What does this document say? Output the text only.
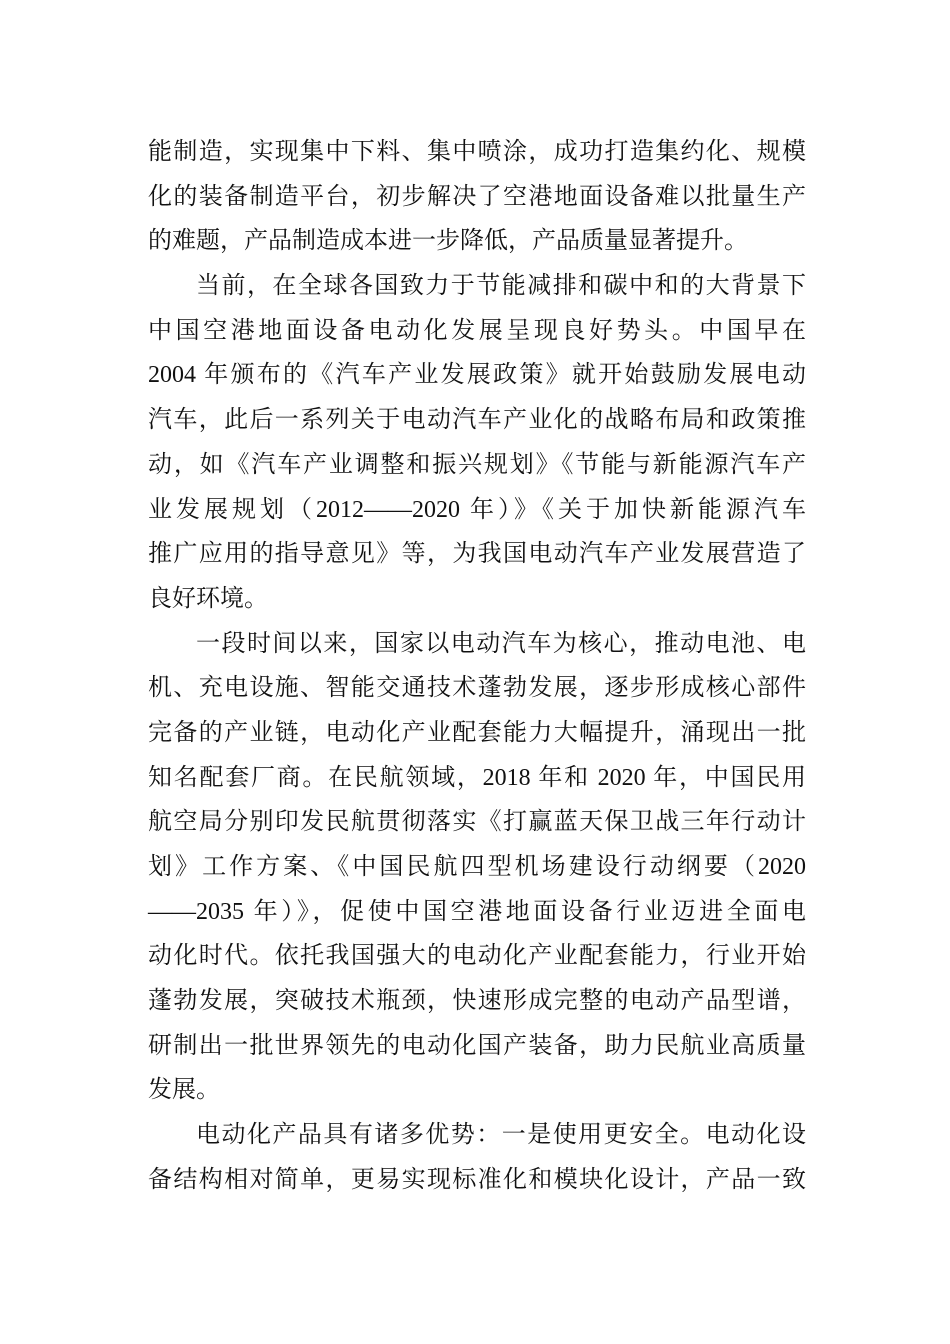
能制造，实现集中下料、集中喷涂，成功打造集约化、规模
化的装备制造平台，初步解决了空港地面设备难以批量生产
的难题，产品制造成本进一步降低，产品质量显著提升。
当前，在全球各国致力于节能减排和碳中和的大背景下
中国空港地面设备电动化发展呈现良好势头。中国早在
2004 年颁布的《汽车产业发展政策》就开始鼓励发展电动
汽车，此后一系列关于电动汽车产业化的战略布局和政策推
动，如《汽车产业调整和振兴规划》《节能与新能源汽车产
业发展规划（2012——2020 年）》《关于加快新能源汽车
推广应用的指导意见》等，为我国电动汽车产业发展营造了
良好环境。
一段时间以来，国家以电动汽车为核心，推动电池、电
机、充电设施、智能交通技术蓬勃发展，逐步形成核心部件
完备的产业链，电动化产业配套能力大幅提升，涌现出一批
知名配套厂商。在民航领域，2018 年和 2020 年，中国民用
航空局分别印发民航贯彻落实《打赢蓝天保卫战三年行动计
划》工作方案、《中国民航四型机场建设行动纲要（2020
——2035 年）》，促使中国空港地面设备行业迈进全面电
动化时代。依托我国强大的电动化产业配套能力，行业开始
蓬勃发展，突破技术瓶颈，快速形成完整的电动产品型谱，
研制出一批世界领先的电动化国产装备，助力民航业高质量
发展。
电动化产品具有诸多优势：一是使用更安全。电动化设
备结构相对简单，更易实现标准化和模块化设计，产品一致
